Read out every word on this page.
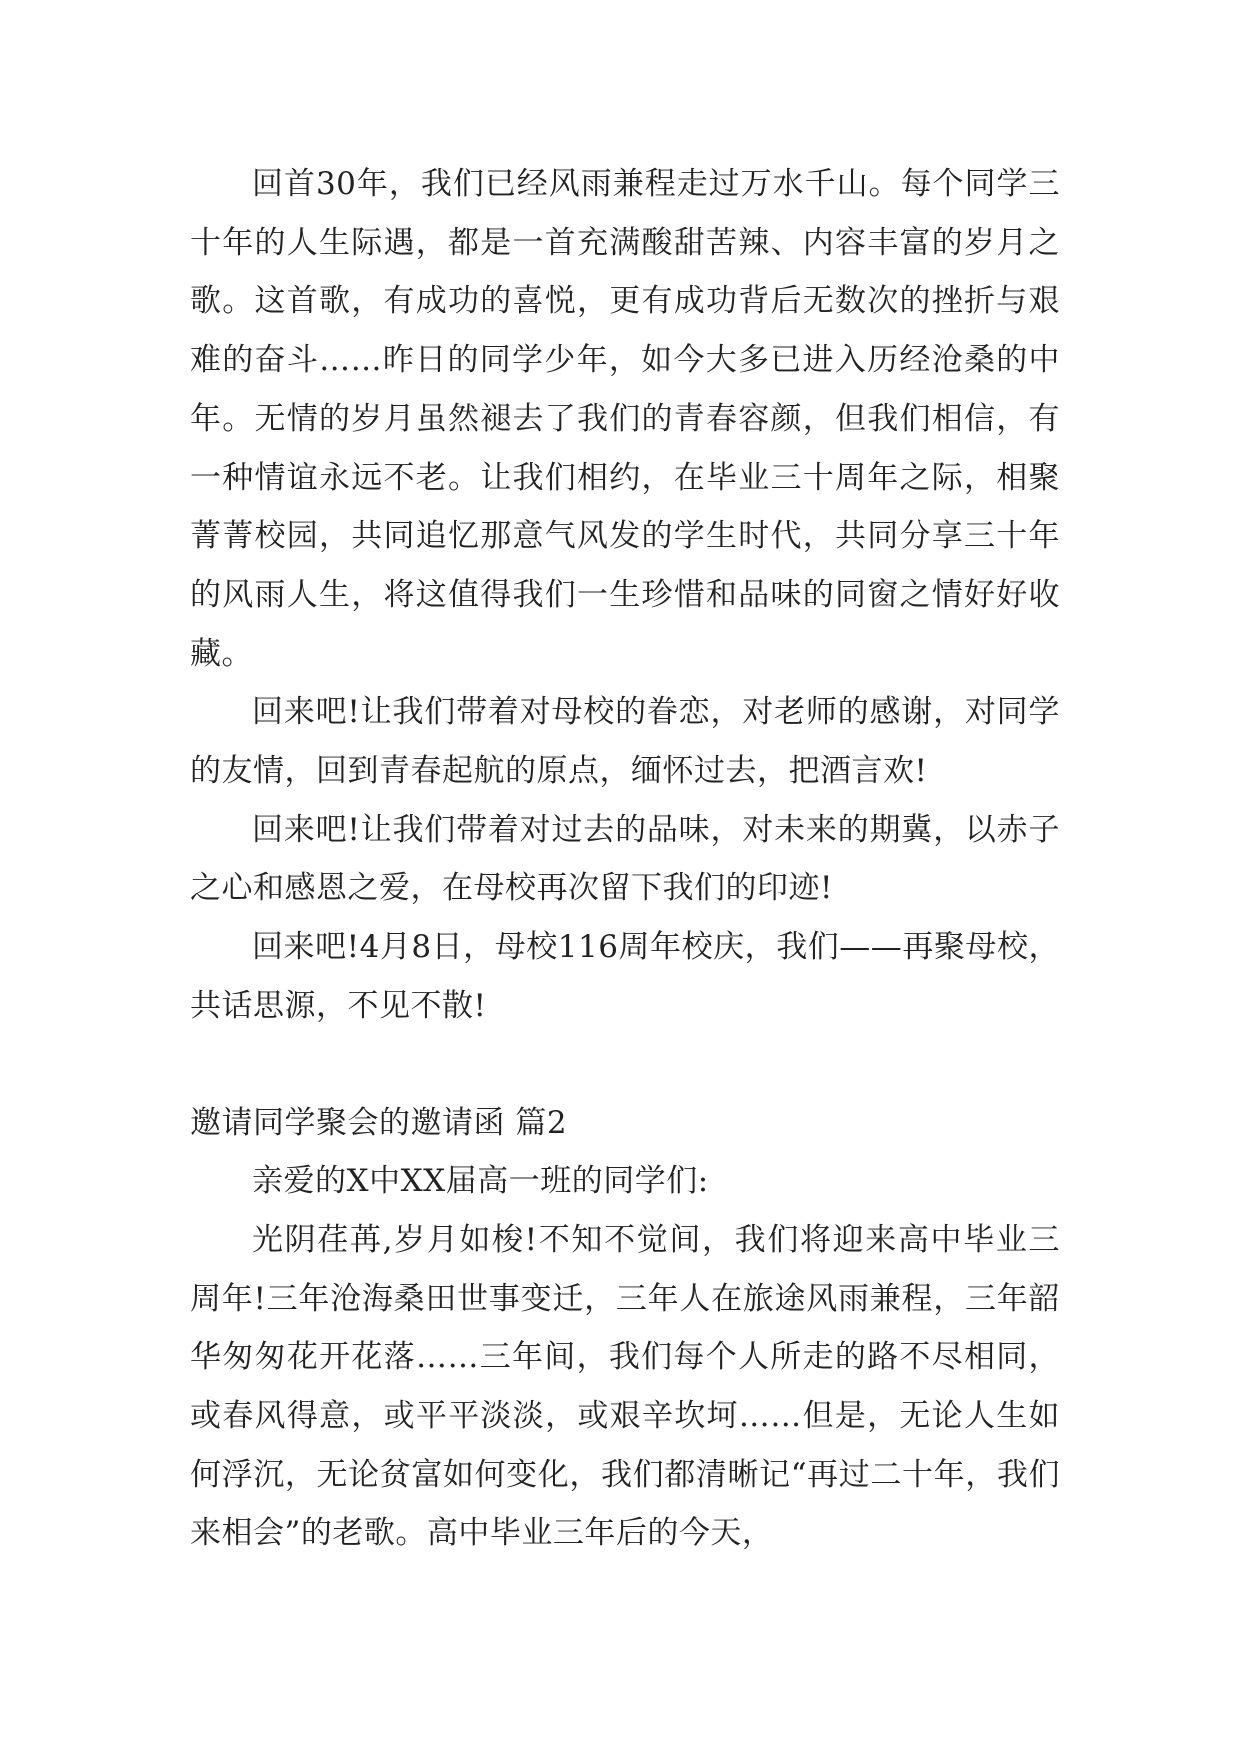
回首30年，我们已经风雨兼程走过万水千山。每个同学三十年的人生际遇，都是一首充满酸甜苦辣、内容丰富的岁月之歌。这首歌，有成功的喜悦，更有成功背后无数次的挫折与艰难的奋斗……昨日的同学少年，如今大多已进入历经沧桑的中年。无情的岁月虽然褪去了我们的青春容颜，但我们相信，有一种情谊永远不老。让我们相约，在毕业三十周年之际，相聚菁菁校园，共同追忆那意气风发的学生时代，共同分享三十年的风雨人生，将这值得我们一生珍惜和品味的同窗之情好好收藏。

回来吧!让我们带着对母校的眷恋，对老师的感谢，对同学的友情，回到青春起航的原点，缅怀过去，把酒言欢!

回来吧!让我们带着对过去的品味，对未来的期冀，以赤子之心和感恩之爱，在母校再次留下我们的印迹!

回来吧!4月8日，母校116周年校庆，我们——再聚母校，共话思源，不见不散!

邀请同学聚会的邀请函 篇2

亲爱的X中XX届高一班的同学们:

光阴荏苒,岁月如梭!不知不觉间，我们将迎来高中毕业三周年!三年沧海桑田世事变迁，三年人在旅途风雨兼程，三年韶华匆匆花开花落……三年间，我们每个人所走的路不尽相同，或春风得意，或平平淡淡，或艰辛坎坷……但是，无论人生如何浮沉，无论贫富如何变化，我们都清晰记“再过二十年，我们来相会”的老歌。高中毕业三年后的今天，
